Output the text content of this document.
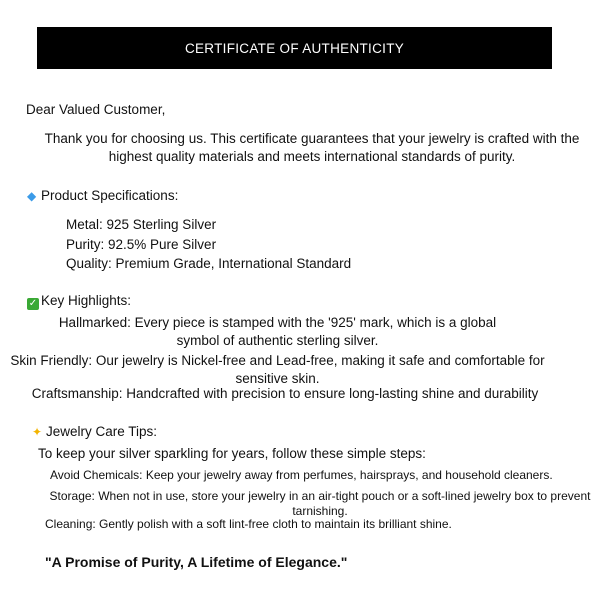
CERTIFICATE OF AUTHENTICITY
Dear Valued Customer,
Thank you for choosing us. This certificate guarantees that your jewelry is crafted with the
highest quality materials and meets international standards of purity.
◆ Product Specifications:
Metal: 925 Sterling Silver
Purity: 92.5% Pure Silver
Quality: Premium Grade, International Standard
✓ Key Highlights:
Hallmarked: Every piece is stamped with the '925' mark, which is a global
symbol of authentic sterling silver.
Skin Friendly: Our jewelry is Nickel-free and Lead-free, making it safe and comfortable for
sensitive skin.
Craftsmanship: Handcrafted with precision to ensure long-lasting shine and durability
✦ Jewelry Care Tips:
To keep your silver sparkling for years, follow these simple steps:
Avoid Chemicals: Keep your jewelry away from perfumes, hairsprays, and household cleaners.
Storage: When not in use, store your jewelry in an air-tight pouch or a soft-lined jewelry box to prevent
tarnishing.
Cleaning: Gently polish with a soft lint-free cloth to maintain its brilliant shine.
"A Promise of Purity, A Lifetime of Elegance."
